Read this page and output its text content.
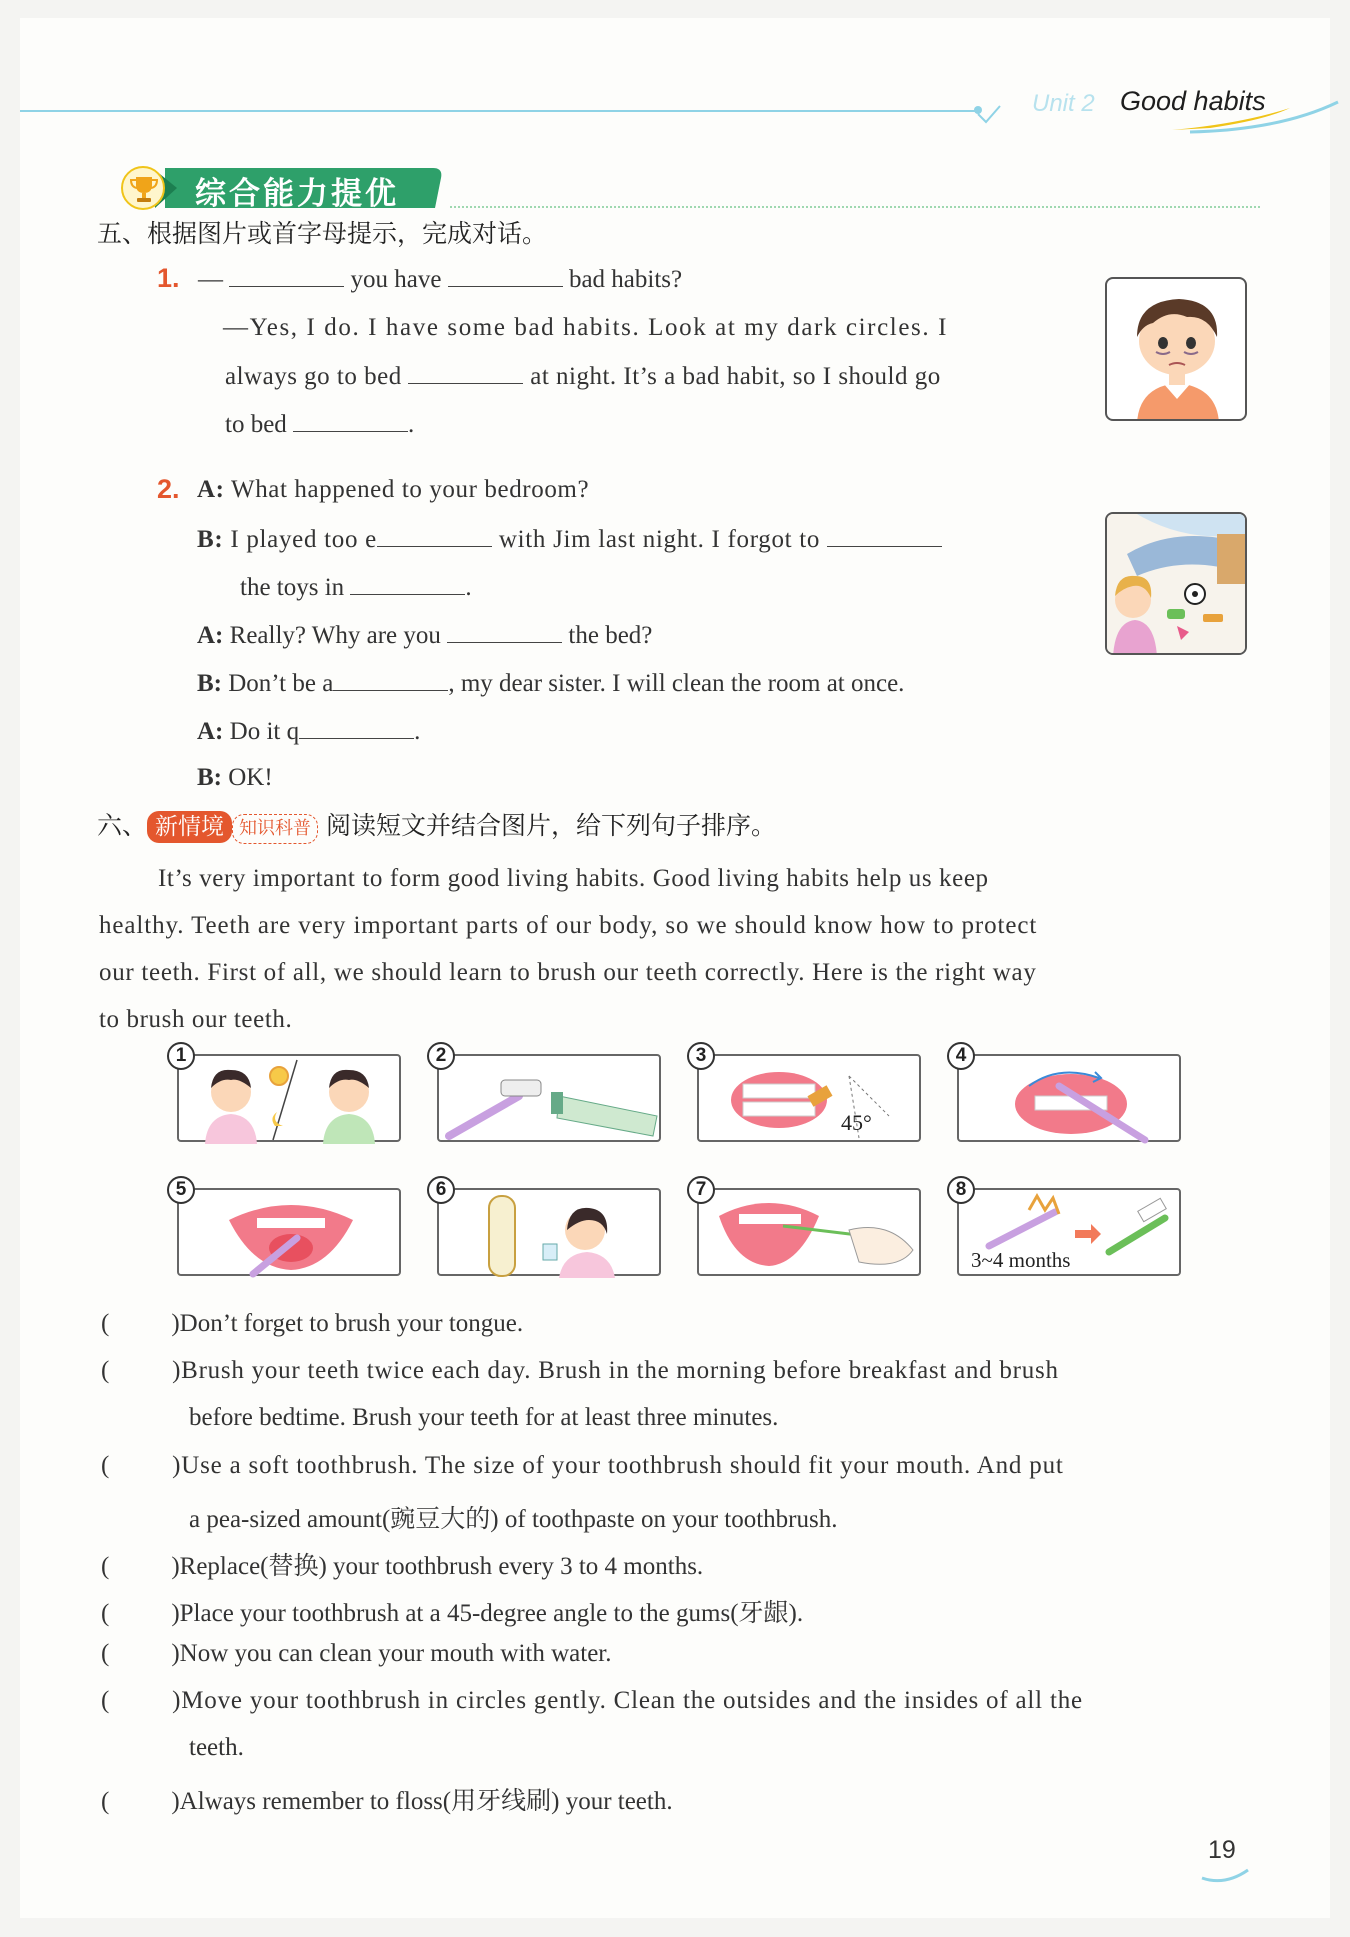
Unit 2 Good habits
综合能力提优
五、根据图片或首字母提示，完成对话。
1. —	you have	bad habits?
—Yes, I do. I have some bad habits. Look at my dark circles. I
always go to bed	at night. It’s a bad habit, so I should go
to bed	.
2. A: What happened to your bedroom?
B: I played too e	with Jim last night. I forgot to
the toys in	.
A: Really? Why are you	the bed?
B: Don’t be a	, my dear sister. I will clean the room at once.
A: Do it q	.
B: OK!
六、 新情境 知识科普 阅读短文并结合图片，给下列句子排序。
It’s very important to form good living habits. Good living habits help us keep
healthy. Teeth are very important parts of our body, so we should know how to protect
our teeth. First of all, we should learn to brush our teeth correctly. Here is the right way
to brush our teeth.
1	2	3
45°
4
5	6	7	8
3~4 months
( )Don’t forget to brush your tongue.
( )Brush your teeth twice each day. Brush in the morning before breakfast and brush
before bedtime. Brush your teeth for at least three minutes.
( )Use a soft toothbrush. The size of your toothbrush should fit your mouth. And put
a pea-sized amount(豌豆大的) of toothpaste on your toothbrush.
( )Replace(替换) your toothbrush every 3 to 4 months.
( )Place your toothbrush at a 45-degree angle to the gums(牙龈).
( )Now you can clean your mouth with water.
( )Move your toothbrush in circles gently. Clean the outsides and the insides of all the
teeth.
( )Always remember to floss(用牙线刷) your teeth.
19
